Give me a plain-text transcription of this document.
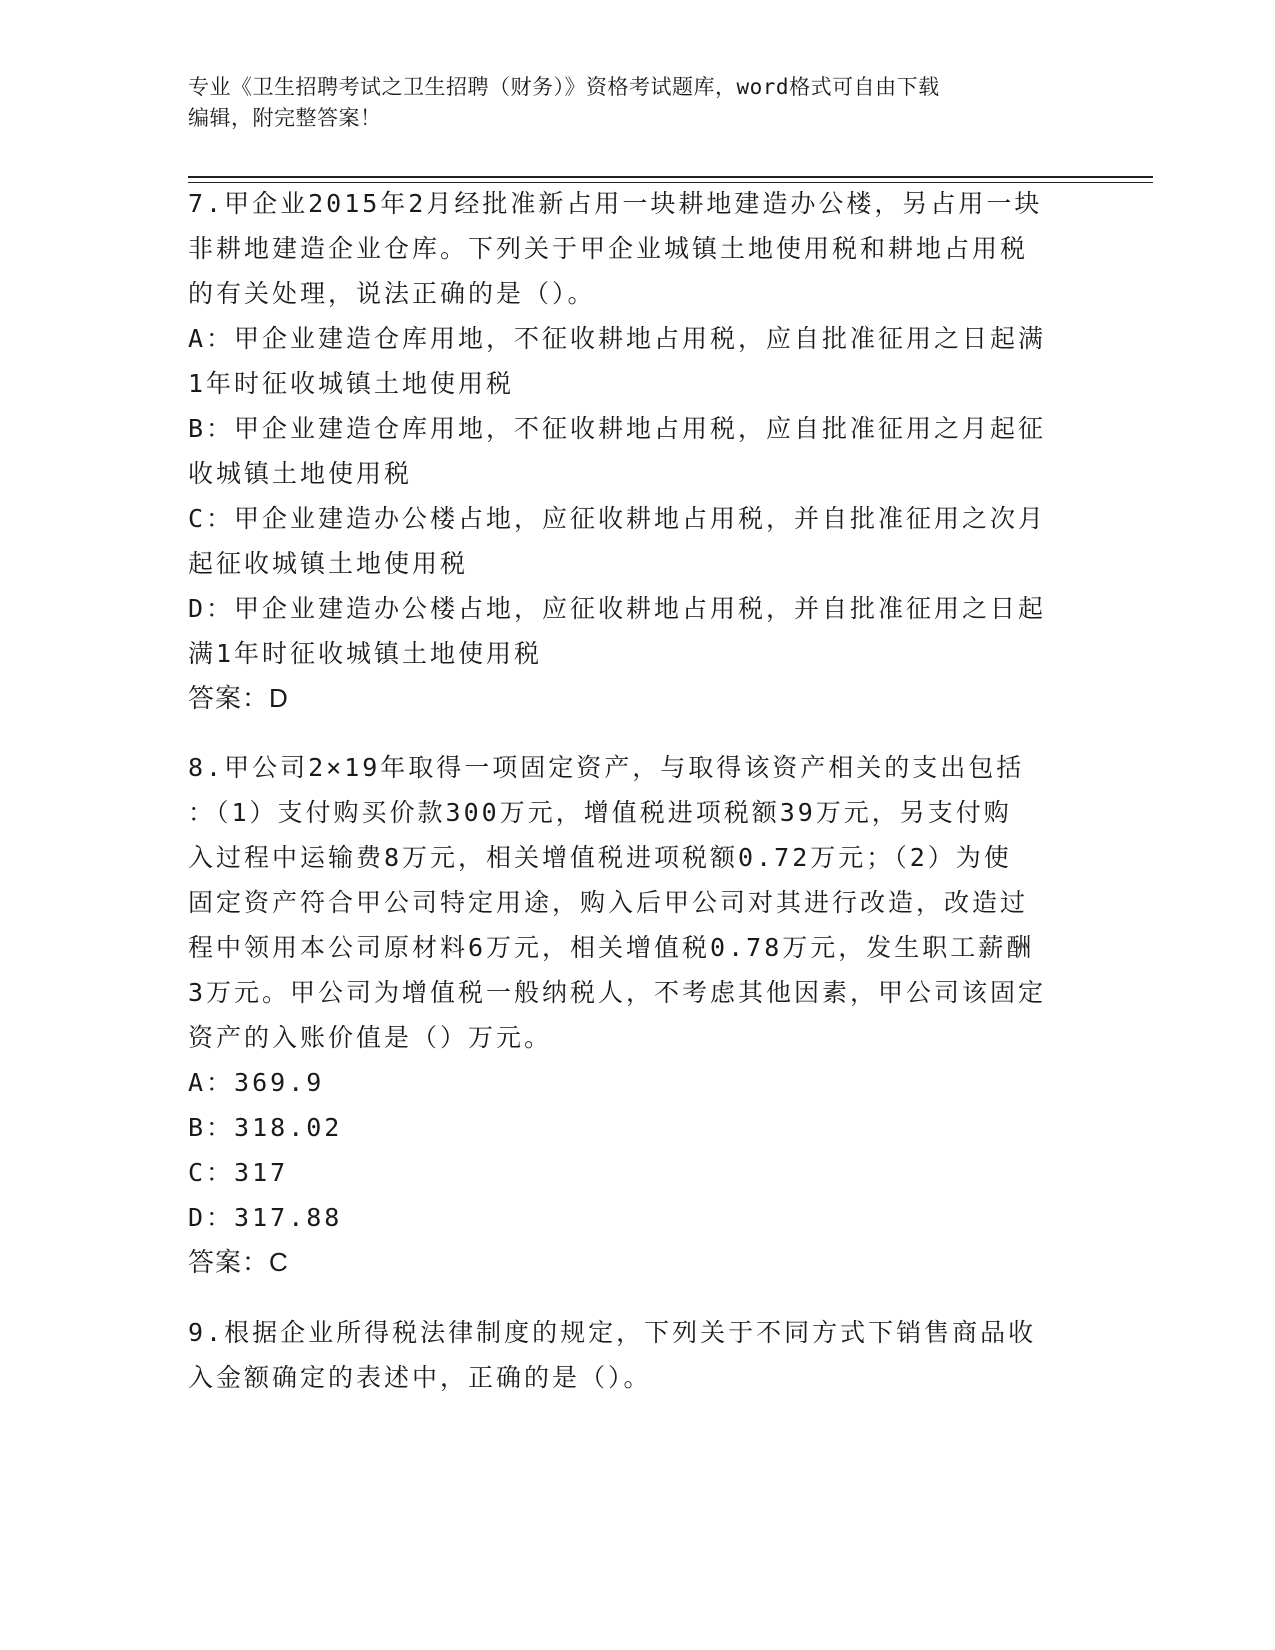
专业《卫生招聘考试之卫生招聘（财务）》资格考试题库，word格式可自由下载
编辑，附完整答案！

7.甲企业2015年2月经批准新占用一块耕地建造办公楼，另占用一块

非耕地建造企业仓库。下列关于甲企业城镇土地使用税和耕地占用税

的有关处理，说法正确的是（）。

A：甲企业建造仓库用地，不征收耕地占用税，应自批准征用之日起满

1年时征收城镇土地使用税

B：甲企业建造仓库用地，不征收耕地占用税，应自批准征用之月起征

收城镇土地使用税

C：甲企业建造办公楼占地，应征收耕地占用税，并自批准征用之次月

起征收城镇土地使用税

D：甲企业建造办公楼占地，应征收耕地占用税，并自批准征用之日起

满1年时征收城镇土地使用税

答案：D

8.甲公司2×19年取得一项固定资产，与取得该资产相关的支出包括

：（1）支付购买价款300万元，增值税进项税额39万元，另支付购

入过程中运输费8万元，相关增值税进项税额0.72万元；（2）为使

固定资产符合甲公司特定用途，购入后甲公司对其进行改造，改造过

程中领用本公司原材料6万元，相关增值税0.78万元，发生职工薪酬

3万元。甲公司为增值税一般纳税人，不考虑其他因素，甲公司该固定

资产的入账价值是（）万元。

A：369.9

B：318.02

C：317

D：317.88

答案：C

9.根据企业所得税法律制度的规定，下列关于不同方式下销售商品收

入金额确定的表述中，正确的是（）。
